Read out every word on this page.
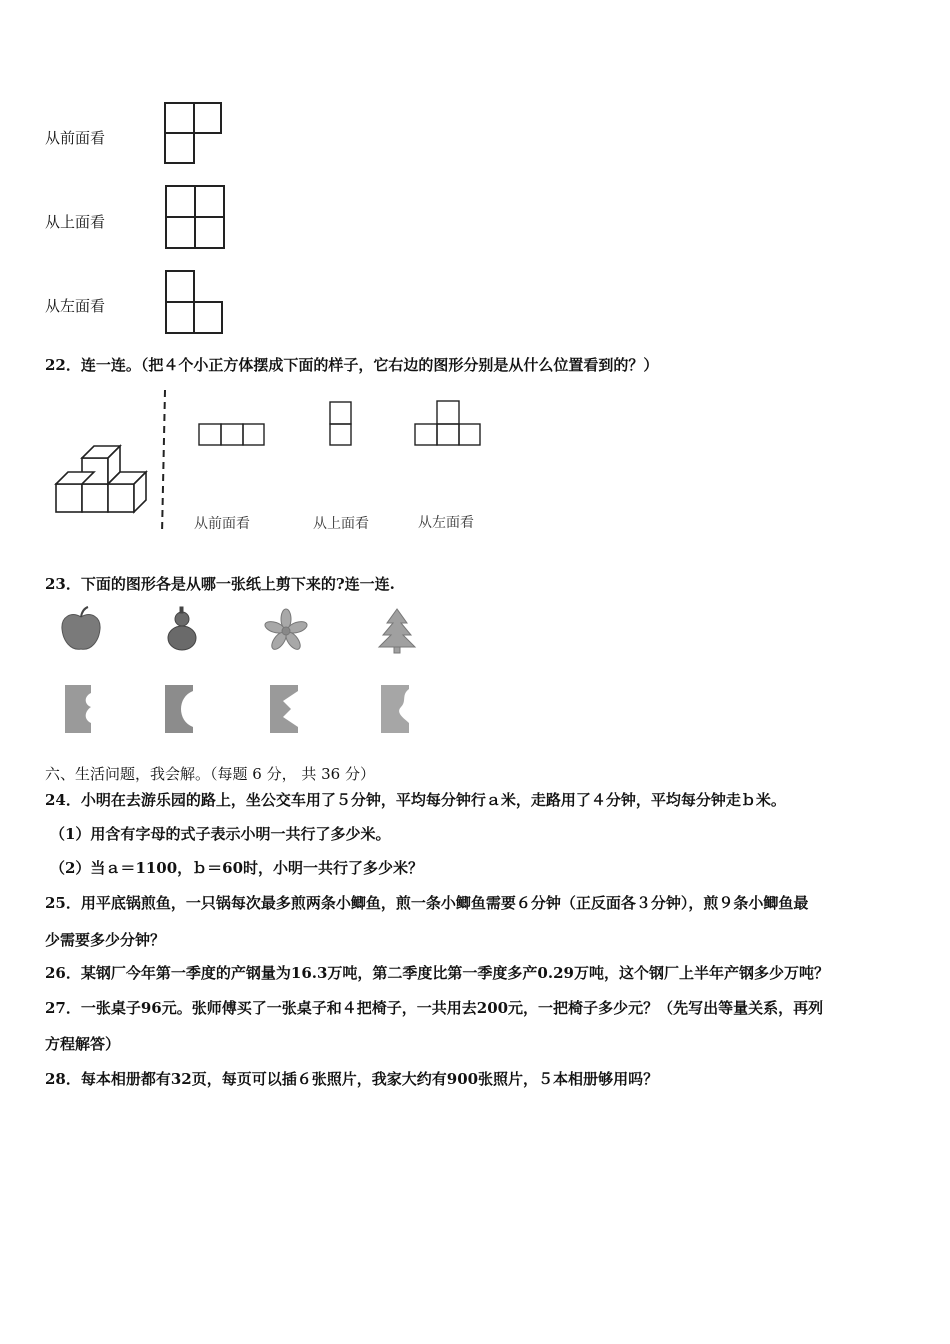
从前面看
从上面看
从左面看
22．连一连。（把４个小正方体摆成下面的样子，它右边的图形分别是从什么位置看到的？）
从前面看	从上面看	从左面看
23．下面的图形各是从哪一张纸上剪下来的?连一连.
六、生活问题，我会解。（每题 6 分， 共 36 分）
24．小明在去游乐园的路上，坐公交车用了５分钟，平均每分钟行ａ米，走路用了４分钟，平均每分钟走ｂ米。
（1）用含有字母的式子表示小明一共行了多少米。
（2）当ａ＝1100，ｂ＝60时，小明一共行了多少米？
25．用平底锅煎鱼，一只锅每次最多煎两条小鲫鱼，煎一条小鲫鱼需要６分钟（正反面各３分钟），煎９条小鲫鱼最
少需要多少分钟？
26．某钢厂今年第一季度的产钢量为16.3万吨，第二季度比第一季度多产0.29万吨，这个钢厂上半年产钢多少万吨？
27．一张桌子96元。张师傅买了一张桌子和４把椅子，一共用去200元，一把椅子多少元？（先写出等量关系，再列
方程解答）
28．每本相册都有32页，每页可以插６张照片，我家大约有900张照片，５本相册够用吗？
